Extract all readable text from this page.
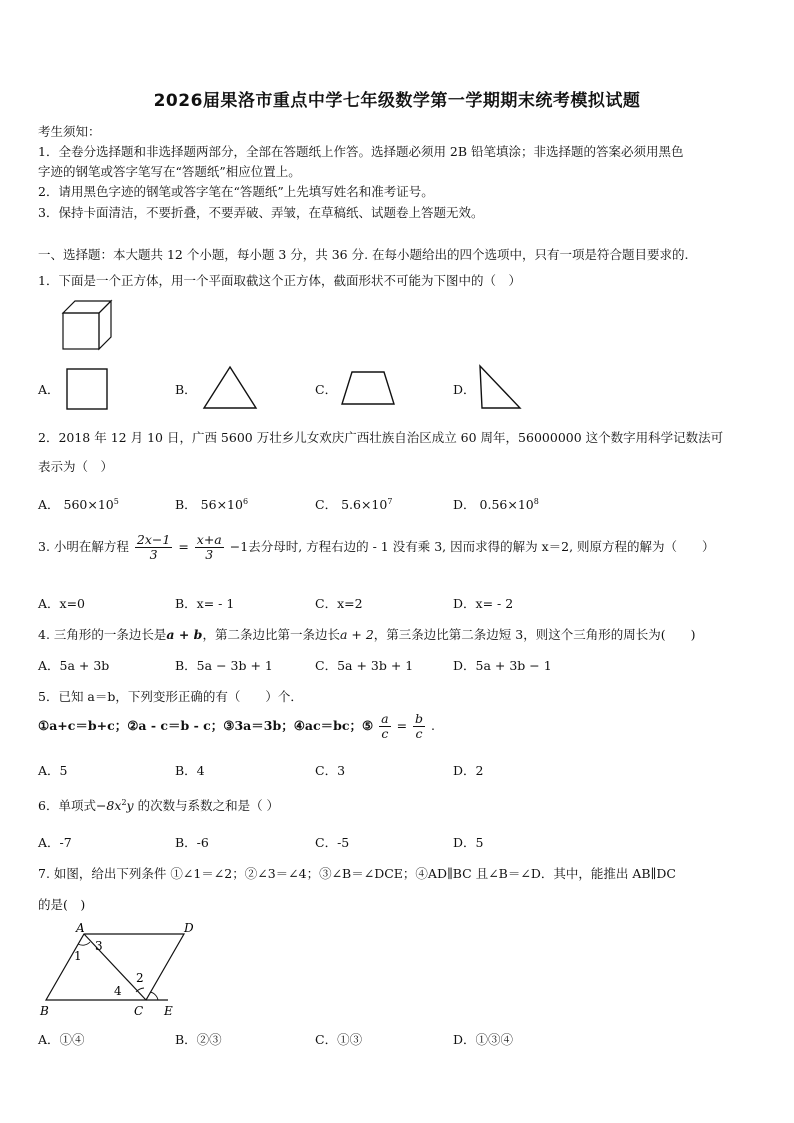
2026届果洛市重点中学七年级数学第一学期期末统考模拟试题
考生须知：
1．全卷分选择题和非选择题两部分，全部在答题纸上作答。选择题必须用 2B 铅笔填涂；非选择题的答案必须用黑色
字迹的钢笔或答字笔写在“答题纸”相应位置上。
2．请用黑色字迹的钢笔或答字笔在“答题纸”上先填写姓名和准考证号。
3．保持卡面清洁，不要折叠，不要弄破、弄皱，在草稿纸、试题卷上答题无效。
一、选择题：本大题共 12 个小题，每小题 3 分，共 36 分. 在每小题给出的四个选项中，只有一项是符合题目要求的.
1．下面是一个正方体，用一个平面取截这个正方体，截面形状不可能为下图中的（　）
A．	B．	C．	D．
2．2018 年 12 月 10 日，广西 5600 万壮乡儿女欢庆广西壮族自治区成立 60 周年，56000000 这个数字用科学记数法可
表示为（　）
A． $560\times 10^5$	B． $56\times 10^6$	C． $5.6\times 10^7$	D． $0.56\times 10^8$
3. 小明在解方程 $\frac{2x-1}{3} = \frac{x+a}{3} -1$去分母时, 方程右边的 - 1 没有乘 3, 因而求得的解为 x＝2, 则原方程的解为（　　）
A．x=0	B．x= - 1	C．x=2	D．x= - 2
4. 三角形的一条边长是a + b，第二条边比第一条边长a + 2，第三条边比第二条边短 3，则这个三角形的周长为(　　)
A．5a + 3b	B．5a − 3b + 1	C．5a + 3b + 1	D．5a + 3b − 1
5．已知 a＝b，下列变形正确的有（　　）个．
①a+c＝b+c；②a - c＝b - c；③3a＝3b；④ac＝bc；⑤ $\frac{a}{c} = \frac{b}{c}$ .
A．5	B．4	C．3	D．2
6．单项式$-8x^2y$ 的次数与系数之和是（ ）
A．-7	B．-6	C．-5	D．5
7. 如图，给出下列条件 ①∠1＝∠2；②∠3＝∠4；③∠B＝∠DCE；④AD∥BC 且∠B＝∠D．其中，能推出 AB∥DC
的是(　)
A	D
B	C E
1
2
3
4
A．①④	B．②③	C．①③	D．①③④
